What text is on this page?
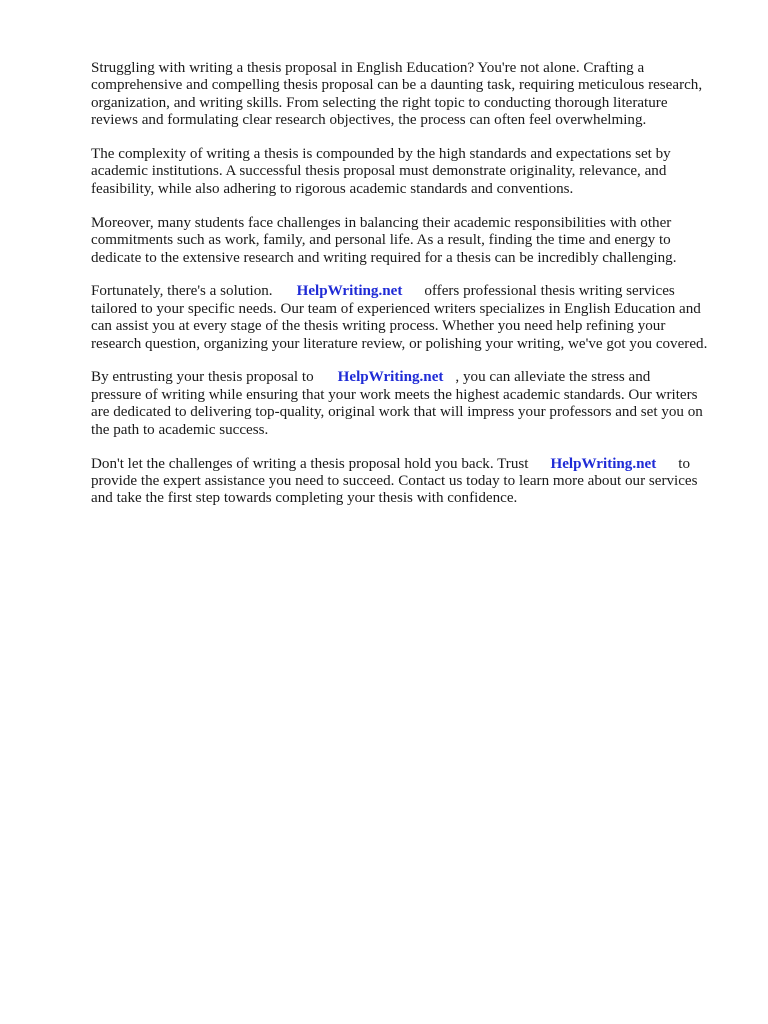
Struggling with writing a thesis proposal in English Education? You're not alone. Crafting a
comprehensive and compelling thesis proposal can be a daunting task, requiring meticulous research,
organization, and writing skills. From selecting the right topic to conducting thorough literature
reviews and formulating clear research objectives, the process can often feel overwhelming.

The complexity of writing a thesis is compounded by the high standards and expectations set by
academic institutions. A successful thesis proposal must demonstrate originality, relevance, and
feasibility, while also adhering to rigorous academic standards and conventions.

Moreover, many students face challenges in balancing their academic responsibilities with other
commitments such as work, family, and personal life. As a result, finding the time and energy to
dedicate to the extensive research and writing required for a thesis can be incredibly challenging.

Fortunately, there's a solution. HelpWriting.net offers professional thesis writing services
tailored to your specific needs. Our team of experienced writers specializes in English Education and
can assist you at every stage of the thesis writing process. Whether you need help refining your
research question, organizing your literature review, or polishing your writing, we've got you covered.

By entrusting your thesis proposal to HelpWriting.net , you can alleviate the stress and
pressure of writing while ensuring that your work meets the highest academic standards. Our writers
are dedicated to delivering top-quality, original work that will impress your professors and set you on
the path to academic success.

Don't let the challenges of writing a thesis proposal hold you back. Trust HelpWriting.net to
provide the expert assistance you need to succeed. Contact us today to learn more about our services
and take the first step towards completing your thesis with confidence.
